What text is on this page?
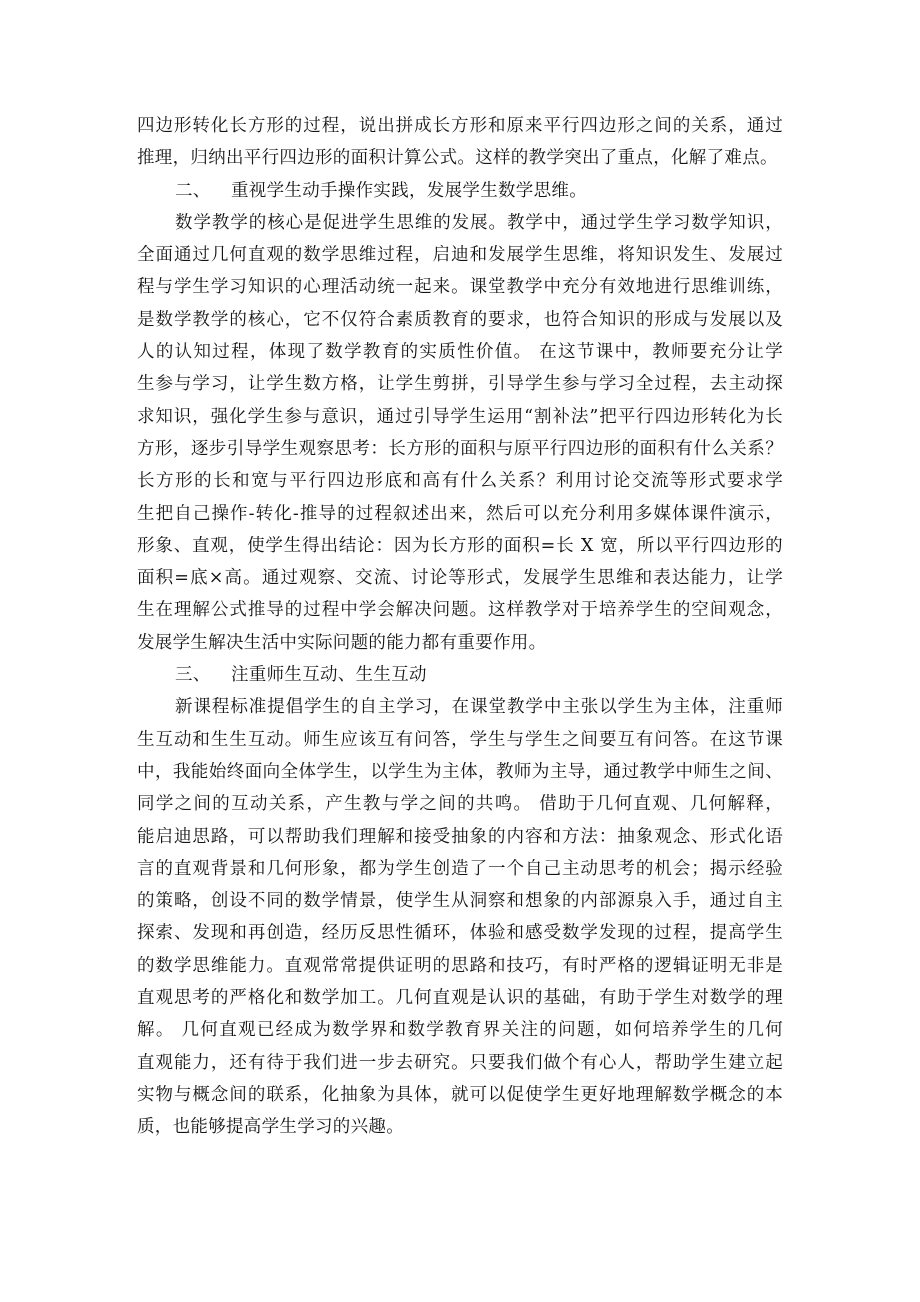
四边形转化长方形的过程，说出拼成长方形和原来平行四边形之间的关系，通过
推理，归纳出平行四边形的面积计算公式。这样的教学突出了重点，化解了难点。
二、 重视学生动手操作实践，发展学生数学思维。
数学教学的核心是促进学生思维的发展。教学中，通过学生学习数学知识，
全面通过几何直观的数学思维过程，启迪和发展学生思维，将知识发生、发展过
程与学生学习知识的心理活动统一起来。课堂教学中充分有效地进行思维训练，
是数学教学的核心，它不仅符合素质教育的要求，也符合知识的形成与发展以及
人的认知过程，体现了数学教育的实质性价值。 在这节课中，教师要充分让学
生参与学习，让学生数方格，让学生剪拼，引导学生参与学习全过程，去主动探
求知识，强化学生参与意识，通过引导学生运用“割补法”把平行四边形转化为长
方形，逐步引导学生观察思考：长方形的面积与原平行四边形的面积有什么关系？
长方形的长和宽与平行四边形底和高有什么关系？利用讨论交流等形式要求学
生把自己操作-转化-推导的过程叙述出来，然后可以充分利用多媒体课件演示，
形象、直观，使学生得出结论：因为长方形的面积=长 X 宽，所以平行四边形的
面积=底×高。通过观察、交流、讨论等形式，发展学生思维和表达能力，让学
生在理解公式推导的过程中学会解决问题。这样教学对于培养学生的空间观念，
发展学生解决生活中实际问题的能力都有重要作用。
三、 注重师生互动、生生互动
新课程标准提倡学生的自主学习，在课堂教学中主张以学生为主体，注重师
生互动和生生互动。师生应该互有问答，学生与学生之间要互有问答。在这节课
中，我能始终面向全体学生，以学生为主体，教师为主导，通过教学中师生之间、
同学之间的互动关系，产生教与学之间的共鸣。 借助于几何直观、几何解释，
能启迪思路，可以帮助我们理解和接受抽象的内容和方法：抽象观念、形式化语
言的直观背景和几何形象，都为学生创造了一个自己主动思考的机会；揭示经验
的策略，创设不同的数学情景，使学生从洞察和想象的内部源泉入手，通过自主
探索、发现和再创造，经历反思性循环，体验和感受数学发现的过程，提高学生
的数学思维能力。直观常常提供证明的思路和技巧，有时严格的逻辑证明无非是
直观思考的严格化和数学加工。几何直观是认识的基础，有助于学生对数学的理
解。 几何直观已经成为数学界和数学教育界关注的问题，如何培养学生的几何
直观能力，还有待于我们进一步去研究。只要我们做个有心人，帮助学生建立起
实物与概念间的联系，化抽象为具体，就可以促使学生更好地理解数学概念的本
质，也能够提高学生学习的兴趣。
